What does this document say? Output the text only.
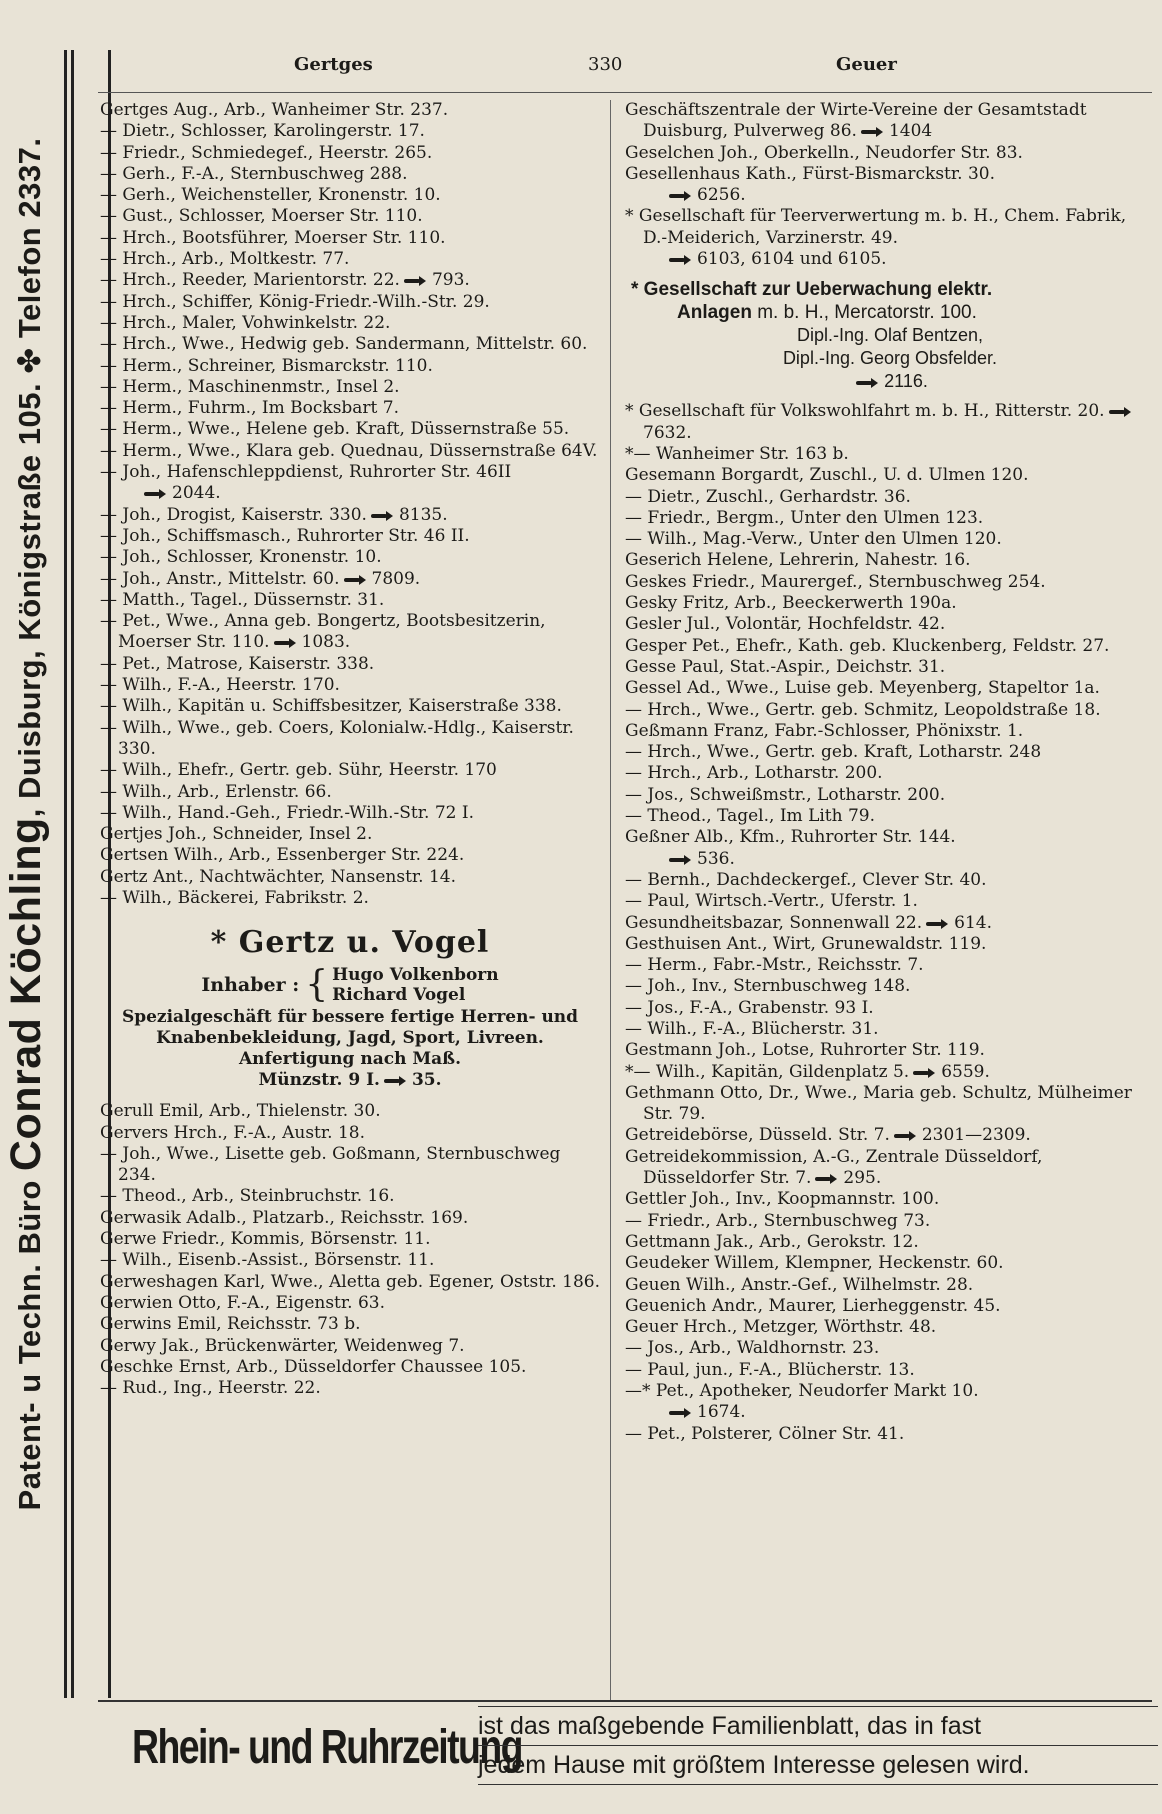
Patent- u Techn. Büro Conrad Köchling, Duisburg, Königstraße 105. ✤ Telefon 2337.
Gertges	330	Geuer
Gertges Aug., Arb., Wanheimer Str. 237.
— Dietr., Schlosser, Karolingerstr. 17.
— Friedr., Schmiedegef., Heerstr. 265.
— Gerh., F.-A., Sternbuschweg 288.
— Gerh., Weichensteller, Kronenstr. 10.
— Gust., Schlosser, Moerser Str. 110.
— Hrch., Bootsführer, Moerser Str. 110.
— Hrch., Arb., Moltkestr. 77.
— Hrch., Reeder, Marientorstr. 22. 793.
— Hrch., Schiffer, König-Friedr.-Wilh.-Str. 29.
— Hrch., Maler, Vohwinkelstr. 22.
— Hrch., Wwe., Hedwig geb. Sandermann, Mittelstr. 60.
— Herm., Schreiner, Bismarckstr. 110.
— Herm., Maschinenmstr., Insel 2.
— Herm., Fuhrm., Im Bocksbart 7.
— Herm., Wwe., Helene geb. Kraft, Düssernstraße 55.
— Herm., Wwe., Klara geb. Quednau, Düssernstraße 64V.
— Joh., Hafenschleppdienst, Ruhrorter Str. 46II
2044.
— Joh., Drogist, Kaiserstr. 330. 8135.
— Joh., Schiffsmasch., Ruhrorter Str. 46 II.
— Joh., Schlosser, Kronenstr. 10.
— Joh., Anstr., Mittelstr. 60. 7809.
— Matth., Tagel., Düssernstr. 31.
— Pet., Wwe., Anna geb. Bongertz, Bootsbesitzerin, Moerser Str. 110. 1083.
— Pet., Matrose, Kaiserstr. 338.
— Wilh., F.-A., Heerstr. 170.
— Wilh., Kapitän u. Schiffsbesitzer, Kaiserstraße 338.
— Wilh., Wwe., geb. Coers, Kolonialw.-Hdlg., Kaiserstr. 330.
— Wilh., Ehefr., Gertr. geb. Sühr, Heerstr. 170
— Wilh., Arb., Erlenstr. 66.
— Wilh., Hand.-Geh., Friedr.-Wilh.-Str. 72 I.
Gertjes Joh., Schneider, Insel 2.
Gertsen Wilh., Arb., Essenberger Str. 224.
Gertz Ant., Nachtwächter, Nansenstr. 14.
— Wilh., Bäckerei, Fabrikstr. 2.
* Gertz u. Vogel
Inhaber : { Hugo Volkenborn
Richard Vogel
Spezialgeschäft für bessere fertige Herren- und
Knabenbekleidung, Jagd, Sport, Livreen.
Anfertigung nach Maß.
Münzstr. 9 I. 35.
Gerull Emil, Arb., Thielenstr. 30.
Gervers Hrch., F.-A., Austr. 18.
— Joh., Wwe., Lisette geb. Goßmann, Sternbuschweg 234.
— Theod., Arb., Steinbruchstr. 16.
Gerwasik Adalb., Platzarb., Reichsstr. 169.
Gerwe Friedr., Kommis, Börsenstr. 11.
— Wilh., Eisenb.-Assist., Börsenstr. 11.
Gerweshagen Karl, Wwe., Aletta geb. Egener, Oststr. 186.
Gerwien Otto, F.-A., Eigenstr. 63.
Gerwins Emil, Reichsstr. 73 b.
Gerwy Jak., Brückenwärter, Weidenweg 7.
Geschke Ernst, Arb., Düsseldorfer Chaussee 105.
— Rud., Ing., Heerstr. 22.
Geschäftszentrale der Wirte-Vereine der Gesamtstadt Duisburg, Pulverweg 86. 1404
Geselchen Joh., Oberkelln., Neudorfer Str. 83.
Gesellenhaus Kath., Fürst-Bismarckstr. 30.
6256.
* Gesellschaft für Teerverwertung m. b. H., Chem. Fabrik, D.-Meiderich, Varzinerstr. 49.
6103, 6104 und 6105.
* Gesellschaft zur Ueberwachung elektr.
Anlagen m. b. H., Mercatorstr. 100.
Dipl.-Ing. Olaf Bentzen,
Dipl.-Ing. Georg Obsfelder.
2116.
* Gesellschaft für Volkswohlfahrt m. b. H., Ritterstr. 20.7632.
*— Wanheimer Str. 163 b.
Gesemann Borgardt, Zuschl., U. d. Ulmen 120.
— Dietr., Zuschl., Gerhardstr. 36.
— Friedr., Bergm., Unter den Ulmen 123.
— Wilh., Mag.-Verw., Unter den Ulmen 120.
Geserich Helene, Lehrerin, Nahestr. 16.
Geskes Friedr., Maurergef., Sternbuschweg 254.
Gesky Fritz, Arb., Beeckerwerth 190a.
Gesler Jul., Volontär, Hochfeldstr. 42.
Gesper Pet., Ehefr., Kath. geb. Kluckenberg, Feldstr. 27.
Gesse Paul, Stat.-Aspir., Deichstr. 31.
Gessel Ad., Wwe., Luise geb. Meyenberg, Stapeltor 1a.
— Hrch., Wwe., Gertr. geb. Schmitz, Leopoldstraße 18.
Geßmann Franz, Fabr.-Schlosser, Phönixstr. 1.
— Hrch., Wwe., Gertr. geb. Kraft, Lotharstr. 248
— Hrch., Arb., Lotharstr. 200.
— Jos., Schweißmstr., Lotharstr. 200.
— Theod., Tagel., Im Lith 79.
Geßner Alb., Kfm., Ruhrorter Str. 144.
536.
— Bernh., Dachdeckergef., Clever Str. 40.
— Paul, Wirtsch.-Vertr., Uferstr. 1.
Gesundheitsbazar, Sonnenwall 22. 614.
Gesthuisen Ant., Wirt, Grunewaldstr. 119.
— Herm., Fabr.-Mstr., Reichsstr. 7.
— Joh., Inv., Sternbuschweg 148.
— Jos., F.-A., Grabenstr. 93 I.
— Wilh., F.-A., Blücherstr. 31.
Gestmann Joh., Lotse, Ruhrorter Str. 119.
*— Wilh., Kapitän, Gildenplatz 5. 6559.
Gethmann Otto, Dr., Wwe., Maria geb. Schultz, Mülheimer Str. 79.
Getreidebörse, Düsseld. Str. 7. 2301—2309.
Getreidekommission, A.-G., Zentrale Düsseldorf, Düsseldorfer Str. 7. 295.
Gettler Joh., Inv., Koopmannstr. 100.
— Friedr., Arb., Sternbuschweg 73.
Gettmann Jak., Arb., Gerokstr. 12.
Geudeker Willem, Klempner, Heckenstr. 60.
Geuen Wilh., Anstr.-Gef., Wilhelmstr. 28.
Geuenich Andr., Maurer, Lierheggenstr. 45.
Geuer Hrch., Metzger, Wörthstr. 48.
— Jos., Arb., Waldhornstr. 23.
— Paul, jun., F.-A., Blücherstr. 13.
—* Pet., Apotheker, Neudorfer Markt 10.
1674.
— Pet., Polsterer, Cölner Str. 41.
Rhein- und Ruhrzeitung
ist das maßgebende Familienblatt, das in fast
jedem Hause mit größtem Interesse gelesen wird.
